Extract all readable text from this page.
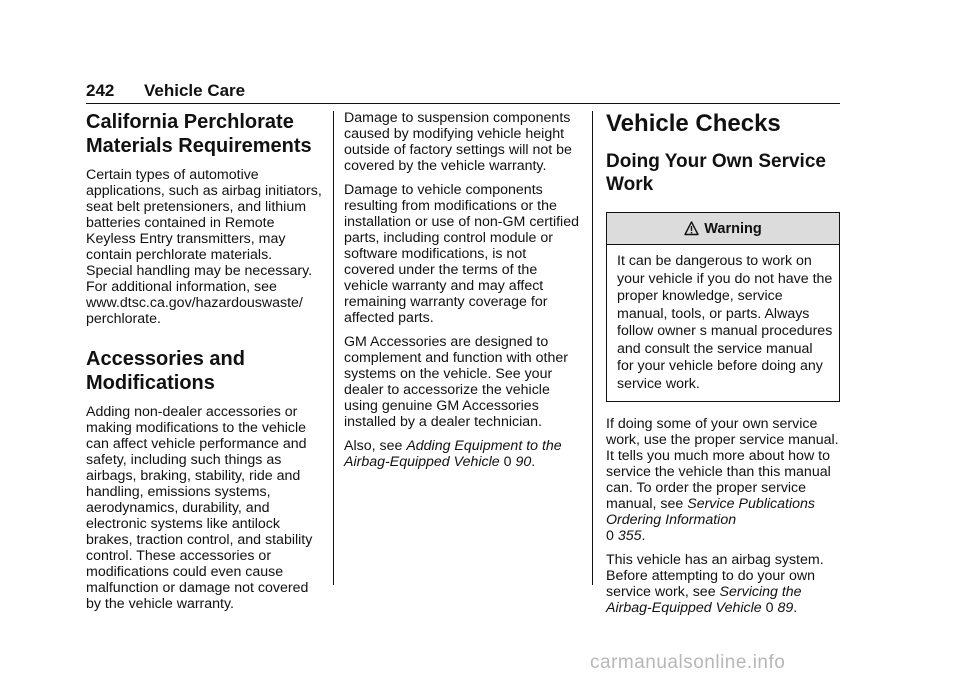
242 Vehicle Care
California Perchlorate Materials Requirements

Certain types of automotive applications, such as airbag initiators, seat belt pretensioners, and lithium batteries contained in Remote Keyless Entry transmitters, may contain perchlorate materials. Special handling may be necessary. For additional information, see www.dtsc.ca.gov/hazardouswaste/ perchlorate.

Accessories and Modifications

Adding non-dealer accessories or making modifications to the vehicle can affect vehicle performance and safety, including such things as airbags, braking, stability, ride and handling, emissions systems, aerodynamics, durability, and electronic systems like antilock brakes, traction control, and stability control. These accessories or modifications could even cause malfunction or damage not covered by the vehicle warranty.

Damage to suspension components caused by modifying vehicle height outside of factory settings will not be covered by the vehicle warranty.

Damage to vehicle components resulting from modifications or the installation or use of non-GM certified parts, including control module or software modifications, is not covered under the terms of the vehicle warranty and may affect remaining warranty coverage for affected parts.

GM Accessories are designed to complement and function with other systems on the vehicle. See your dealer to accessorize the vehicle using genuine GM Accessories installed by a dealer technician.

Also, see Adding Equipment to the Airbag-Equipped Vehicle 0 90.

Vehicle Checks
Doing Your Own Service Work
Warning
It can be dangerous to work on your vehicle if you do not have the proper knowledge, service manual, tools, or parts. Always follow owner s manual procedures and consult the service manual for your vehicle before doing any service work.

If doing some of your own service work, use the proper service manual. It tells you much more about how to service the vehicle than this manual can. To order the proper service manual, see Service Publications Ordering Information
0 355.

This vehicle has an airbag system. Before attempting to do your own service work, see Servicing the Airbag-Equipped Vehicle 0 89.

carmanualsonline.info
